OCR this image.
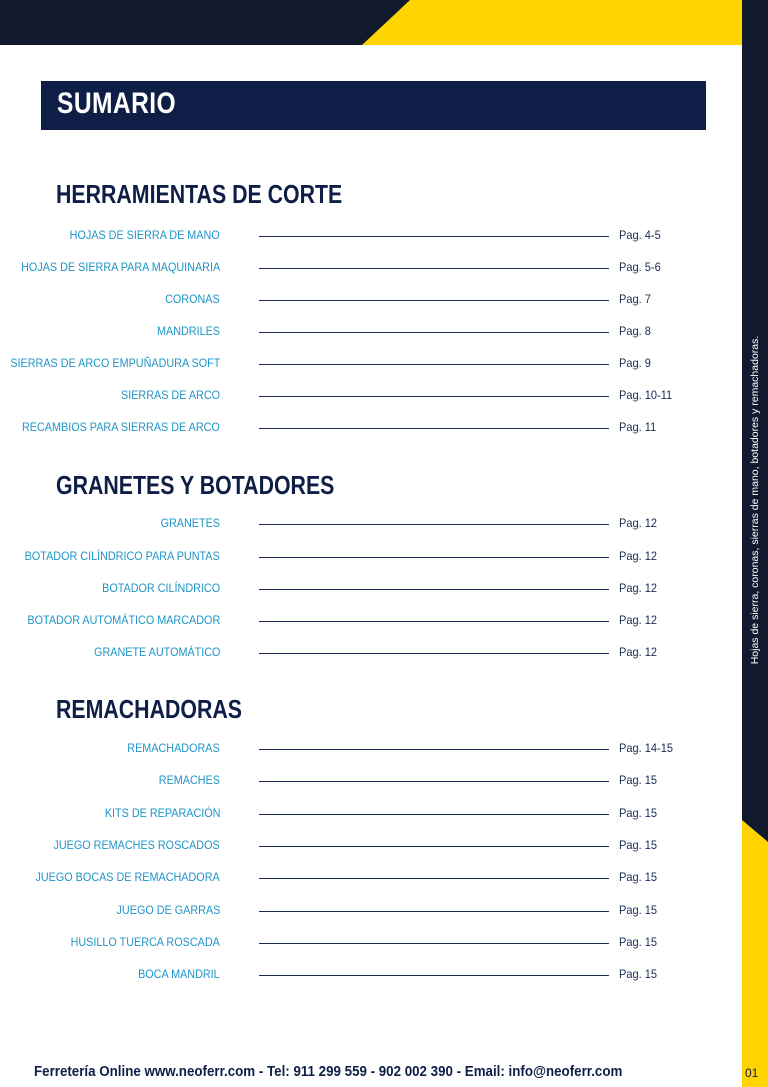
Hojas de sierra, coronas, sierras de mano, botadores y remachadoras.
SUMARIO
HERRAMIENTAS DE CORTE
HOJAS DE SIERRA DE MANO	Pag. 4-5
HOJAS DE SIERRA PARA MAQUINARIA	Pag. 5-6
CORONAS	Pag. 7
MANDRILES	Pag. 8
SIERRAS DE ARCO EMPUÑADURA SOFT	Pag. 9
SIERRAS DE ARCO	Pag. 10-11
RECAMBIOS PARA SIERRAS DE ARCO	Pag. 11
GRANETES Y BOTADORES
GRANETES	Pag. 12
BOTADOR CILÍNDRICO PARA PUNTAS	Pag. 12
BOTADOR CILÍNDRICO	Pag. 12
BOTADOR AUTOMÁTICO MARCADOR	Pag. 12
GRANETE AUTOMÁTICO	Pag. 12
REMACHADORAS
REMACHADORAS	Pag. 14-15
REMACHES	Pag. 15
KITS DE REPARACIÓN	Pag. 15
JUEGO REMACHES ROSCADOS	Pag. 15
JUEGO BOCAS DE REMACHADORA	Pag. 15
JUEGO DE GARRAS	Pag. 15
HUSILLO TUERCA ROSCADA	Pag. 15
BOCA MANDRIL	Pag. 15
Ferretería Online www.neoferr.com - Tel: 911 299 559 - 902 002 390 - Email: info@neoferr.com	01
